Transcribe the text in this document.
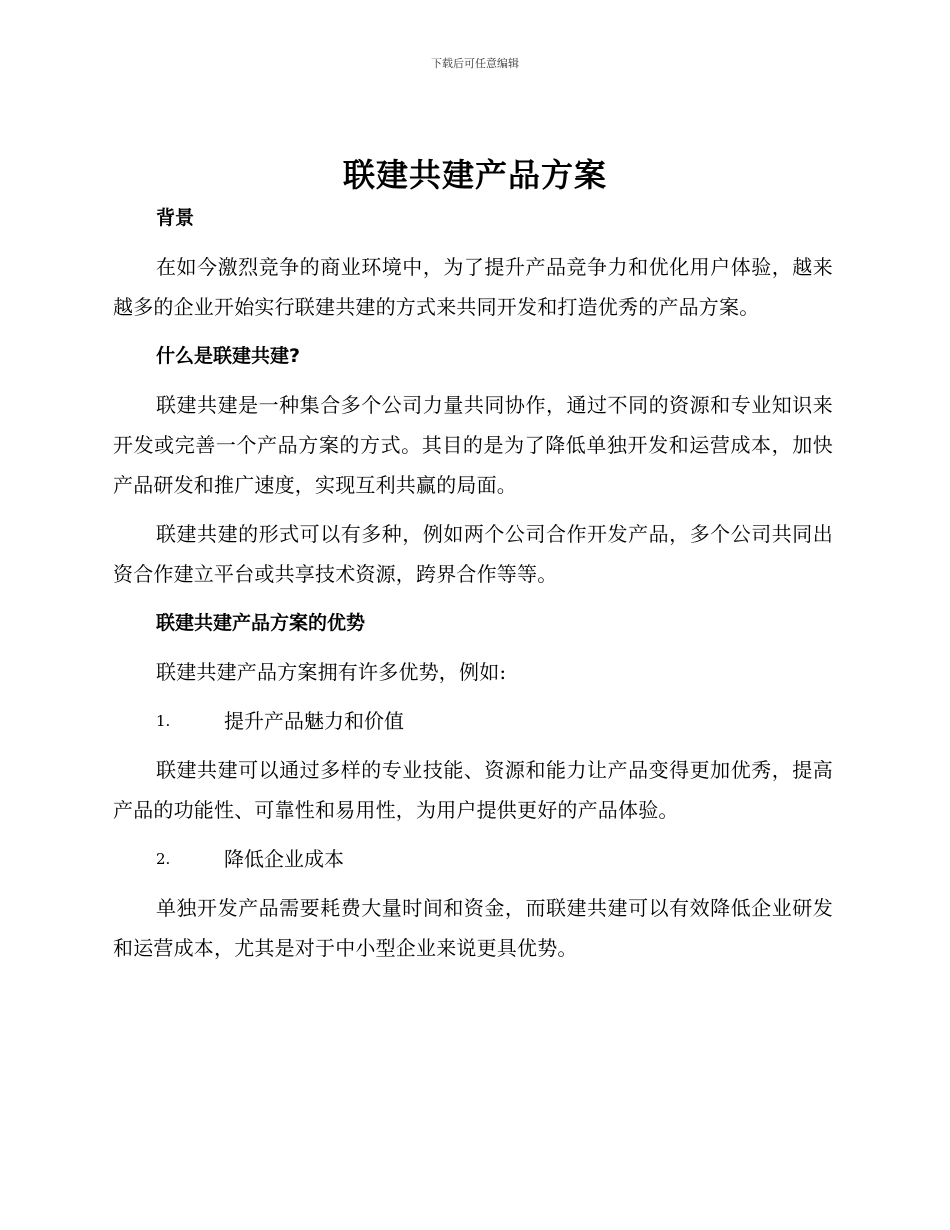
下载后可任意编辑
联建共建产品方案
背景
在如今激烈竞争的商业环境中，为了提升产品竞争力和优化用户体验，越来越多的企业开始实行联建共建的方式来共同开发和打造优秀的产品方案。
什么是联建共建?
联建共建是一种集合多个公司力量共同协作，通过不同的资源和专业知识来开发或完善一个产品方案的方式。其目的是为了降低单独开发和运营成本，加快产品研发和推广速度，实现互利共赢的局面。
联建共建的形式可以有多种，例如两个公司合作开发产品，多个公司共同出资合作建立平台或共享技术资源，跨界合作等等。
联建共建产品方案的优势
联建共建产品方案拥有许多优势，例如:
1.	提升产品魅力和价值
联建共建可以通过多样的专业技能、资源和能力让产品变得更加优秀，提高产品的功能性、可靠性和易用性，为用户提供更好的产品体验。
2.	降低企业成本
单独开发产品需要耗费大量时间和资金，而联建共建可以有效降低企业研发和运营成本，尤其是对于中小型企业来说更具优势。
